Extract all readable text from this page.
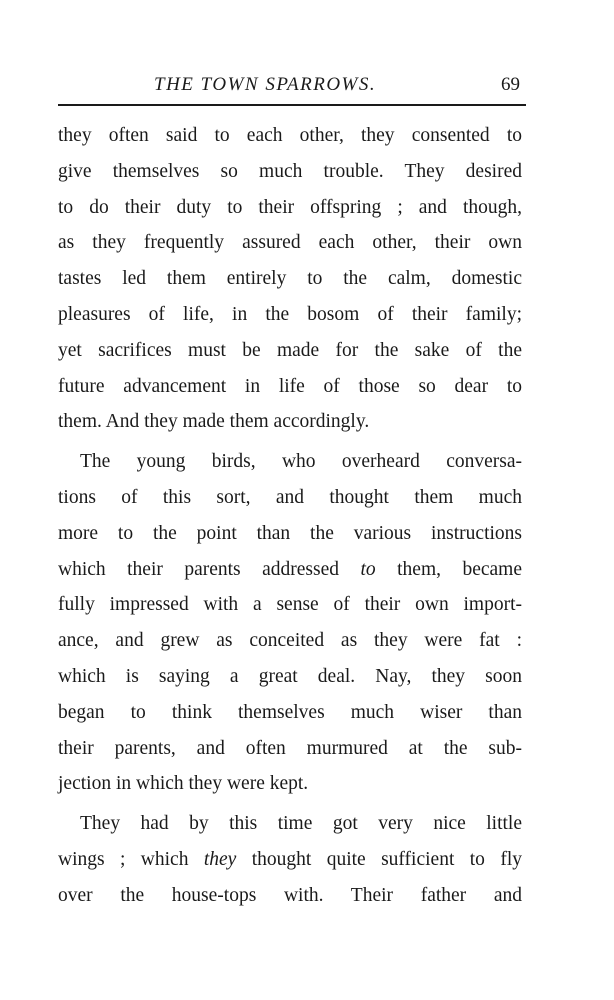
THE TOWN SPARROWS.	69
they often said to each other, they consented to
give themselves so much trouble. They desired
to do their duty to their offspring ; and though,
as they frequently assured each other, their own
tastes led them entirely to the calm, domestic
pleasures of life, in the bosom of their family;
yet sacrifices must be made for the sake of the
future advancement in life of those so dear to
them. And they made them accordingly.
The young birds, who overheard conversa-
tions of this sort, and thought them much
more to the point than the various instructions
which their parents addressed to them, became
fully impressed with a sense of their own import-
ance, and grew as conceited as they were fat :
which is saying a great deal. Nay, they soon
began to think themselves much wiser than
their parents, and often murmured at the sub-
jection in which they were kept.
They had by this time got very nice little
wings ; which they thought quite sufficient to fly
over the house-tops with. Their father and
